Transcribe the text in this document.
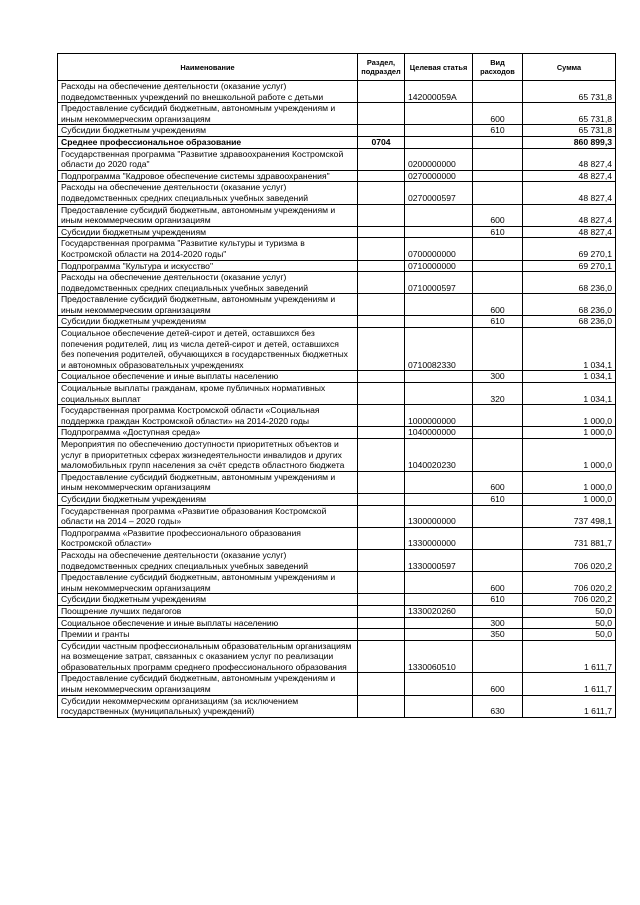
Наименование	Раздел, подраздел	Целевая статья	Вид расходов	Сумма
Расходы на обеспечение деятельности (оказание услуг) подведомственных учреждений по внешкольной работе с детьми		142000059А		65 731,8
Предоставление субсидий бюджетным, автономным учреждениям и иным некоммерческим организациям			600	65 731,8
Субсидии бюджетным учреждениям			610	65 731,8
Среднее профессиональное образование	0704			860 899,3
Государственная программа "Развитие здравоохранения Костромской области до 2020 года"		0200000000		48 827,4
Подпрограмма "Кадровое обеспечение системы здравоохранения"		0270000000		48 827,4
Расходы на обеспечение деятельности (оказание услуг) подведомственных средних специальных учебных заведений		0270000597		48 827,4
Предоставление субсидий бюджетным, автономным учреждениям и иным некоммерческим организациям			600	48 827,4
Субсидии бюджетным учреждениям			610	48 827,4
Государственная программа "Развитие культуры и туризма в Костромской области на 2014-2020 годы"		0700000000		69 270,1
Подпрограмма "Культура и искусство"		0710000000		69 270,1
Расходы на обеспечение деятельности (оказание услуг) подведомственных средних специальных учебных заведений		0710000597		68 236,0
Предоставление субсидий бюджетным, автономным учреждениям и иным некоммерческим организациям			600	68 236,0
Субсидии бюджетным учреждениям			610	68 236,0
Социальное обеспечение детей-сирот и детей, оставшихся без попечения родителей, лиц из числа детей-сирот и детей, оставшихся без попечения родителей, обучающихся в государственных бюджетных и автономных образовательных учреждениях		0710082330		1 034,1
Социальное обеспечение и иные выплаты населению			300	1 034,1
Социальные выплаты гражданам, кроме публичных нормативных социальных выплат			320	1 034,1
Государственная программа Костромской области «Социальная поддержка граждан Костромской области» на 2014-2020 годы		1000000000		1 000,0
Подпрограмма «Доступная среда»		1040000000		1 000,0
Мероприятия по обеспечению доступности приоритетных объектов и услуг в приоритетных сферах жизнедеятельности инвалидов и других маломобильных групп населения за счёт средств областного бюджета		1040020230		1 000,0
Предоставление субсидий бюджетным, автономным учреждениям и иным некоммерческим организациям			600	1 000,0
Субсидии бюджетным учреждениям			610	1 000,0
Государственная программа «Развитие образования Костромской области на 2014 – 2020 годы»		1300000000		737 498,1
Подпрограмма «Развитие профессионального образования Костромской области»		1330000000		731 881,7
Расходы на обеспечение деятельности (оказание услуг) подведомственных средних специальных учебных заведений		1330000597		706 020,2
Предоставление субсидий бюджетным, автономным учреждениям и иным некоммерческим организациям			600	706 020,2
Субсидии бюджетным учреждениям			610	706 020,2
Поощрение лучших педагогов		1330020260		50,0
Социальное обеспечение и иные выплаты населению			300	50,0
Премии и гранты			350	50,0
Субсидии частным профессиональным образовательным организациям на возмещение затрат, связанных с оказанием услуг по реализации образовательных программ среднего профессионального образования		1330060510		1 611,7
Предоставление субсидий бюджетным, автономным учреждениям и иным некоммерческим организациям			600	1 611,7
Субсидии некоммерческим организациям (за исключением государственных (муниципальных) учреждений)			630	1 611,7
